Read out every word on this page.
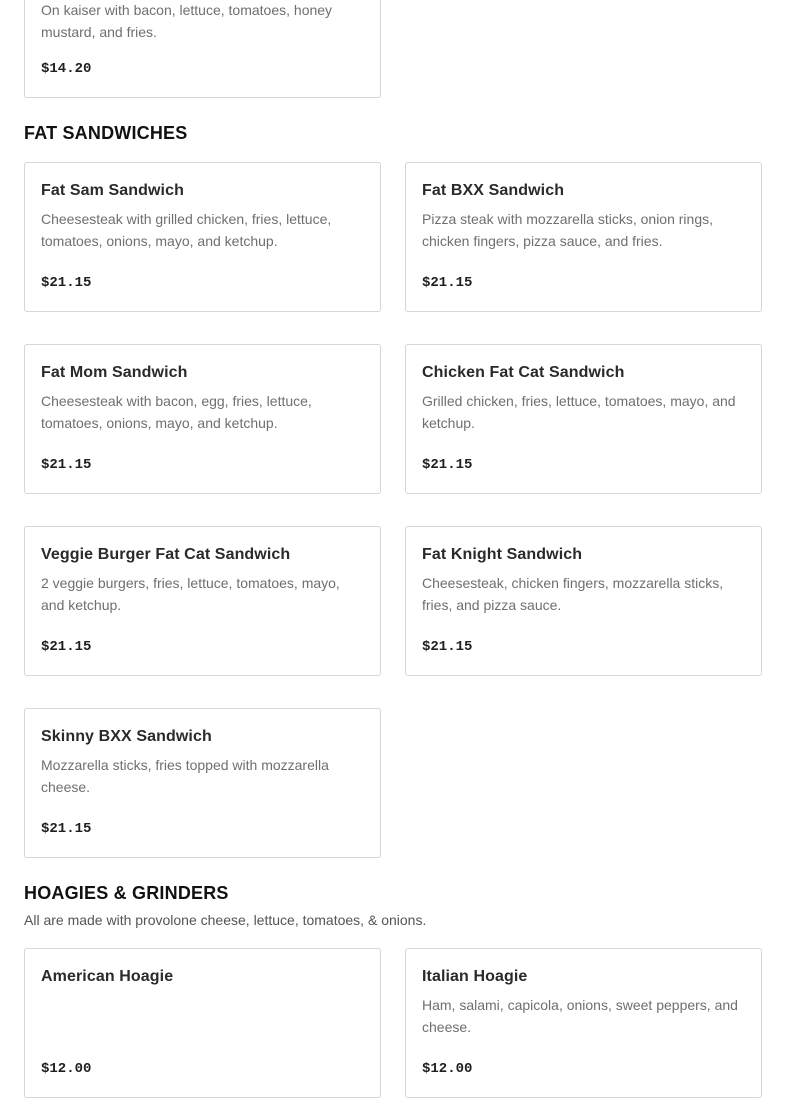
On kaiser with bacon, lettuce, tomatoes, honey mustard, and fries.
$14.20
FAT SANDWICHES
Fat Sam Sandwich
Cheesesteak with grilled chicken, fries, lettuce, tomatoes, onions, mayo, and ketchup.
$21.15
Fat BXX Sandwich
Pizza steak with mozzarella sticks, onion rings, chicken fingers, pizza sauce, and fries.
$21.15
Fat Mom Sandwich
Cheesesteak with bacon, egg, fries, lettuce, tomatoes, onions, mayo, and ketchup.
$21.15
Chicken Fat Cat Sandwich
Grilled chicken, fries, lettuce, tomatoes, mayo, and ketchup.
$21.15
Veggie Burger Fat Cat Sandwich
2 veggie burgers, fries, lettuce, tomatoes, mayo, and ketchup.
$21.15
Fat Knight Sandwich
Cheesesteak, chicken fingers, mozzarella sticks, fries, and pizza sauce.
$21.15
Skinny BXX Sandwich
Mozzarella sticks, fries topped with mozzarella cheese.
$21.15
HOAGIES & GRINDERS
All are made with provolone cheese, lettuce, tomatoes, & onions.
American Hoagie
$12.00
Italian Hoagie
Ham, salami, capicola, onions, sweet peppers, and cheese.
$12.00
